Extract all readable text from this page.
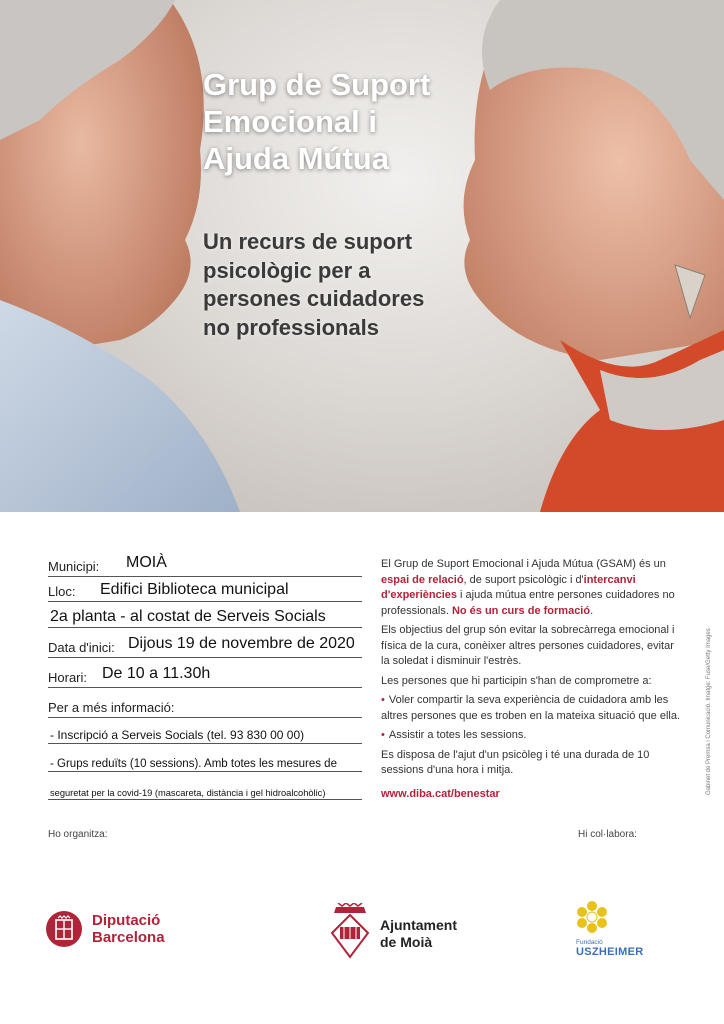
Grup de Suport
Emocional i
Ajuda Mútua
Un recurs de suport
psicològic per a
persones cuidadores
no professionals
Municipi: MOIÀ
Lloc: Edifici Biblioteca municipal
2a planta - al costat de Serveis Socials
Data d'inici: Dijous 19 de novembre de 2020
Horari: De 10 a 11.30h
Per a més informació:
- Inscripció a Serveis Socials (tel. 93 830 00 00)
- Grups reduïts (10 sessions). Amb totes les mesures de
seguretat per la covid-19 (mascareta, distància i gel hidroalcohòlic)

El Grup de Suport Emocional i Ajuda Mútua (GSAM) és un espai de relació, de suport psicològic i d'intercanvi d'experiències i ajuda mútua entre persones cuidadores no professionals. No és un curs de formació.

Els objectius del grup són evitar la sobrecàrrega emocional i física de la cura, conèixer altres persones cuidadores, evitar la soledat i disminuir l'estrès.

Les persones que hi participin s'han de comprometre a:

• Voler compartir la seva experiència de cuidadora amb les altres persones que es troben en la mateixa situació que ella.

• Assistir a totes les sessions.

Es disposa de l'ajut d'un psicòleg i té una durada de 10 sessions d'una hora i mitja.

www.diba.cat/benestar	Gabinet de Premsa i Comunicació. Imatge: Fuse/Getty Images
Ho organitza:	Hi col·labora:
Diputació
Barcelona
Ajuntament
de Moià	Fundació
USZHEIMER
